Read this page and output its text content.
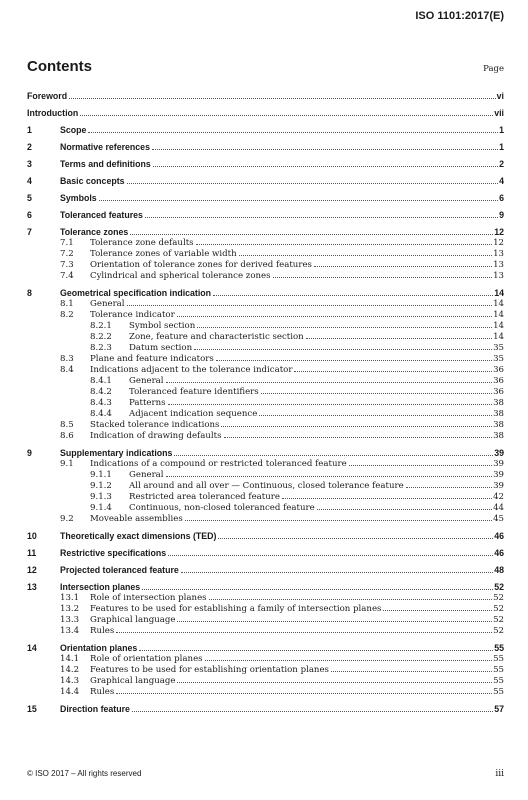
ISO 1101:2017(E)
Contents	Page
Foreword	vi
Introduction	vii
1	Scope	1
2	Normative references	1
3	Terms and definitions	2
4	Basic concepts	4
5	Symbols	6
6	Toleranced features	9
7	Tolerance zones	12
7.1	Tolerance zone defaults	12
7.2	Tolerance zones of variable width	13
7.3	Orientation of tolerance zones for derived features	13
7.4	Cylindrical and spherical tolerance zones	13
8	Geometrical specification indication	14
8.1	General	14
8.2	Tolerance indicator	14
8.2.1	Symbol section	14
8.2.2	Zone, feature and characteristic section	14
8.2.3	Datum section	35
8.3	Plane and feature indicators	35
8.4	Indications adjacent to the tolerance indicator	36
8.4.1	General	36
8.4.2	Toleranced feature identifiers	36
8.4.3	Patterns	38
8.4.4	Adjacent indication sequence	38
8.5	Stacked tolerance indications	38
8.6	Indication of drawing defaults	38
9	Supplementary indications	39
9.1	Indications of a compound or restricted toleranced feature	39
9.1.1	General	39
9.1.2	All around and all over — Continuous, closed tolerance feature	39
9.1.3	Restricted area toleranced feature	42
9.1.4	Continuous, non-closed toleranced feature	44
9.2	Moveable assemblies	45
10	Theoretically exact dimensions (TED)	46
11	Restrictive specifications	46
12	Projected toleranced feature	48
13	Intersection planes	52
13.1	Role of intersection planes	52
13.2	Features to be used for establishing a family of intersection planes	52
13.3	Graphical language	52
13.4	Rules	52
14	Orientation planes	55
14.1	Role of orientation planes	55
14.2	Features to be used for establishing orientation planes	55
14.3	Graphical language	55
14.4	Rules	55
15	Direction feature	57
© ISO 2017 – All rights reserved	iii
